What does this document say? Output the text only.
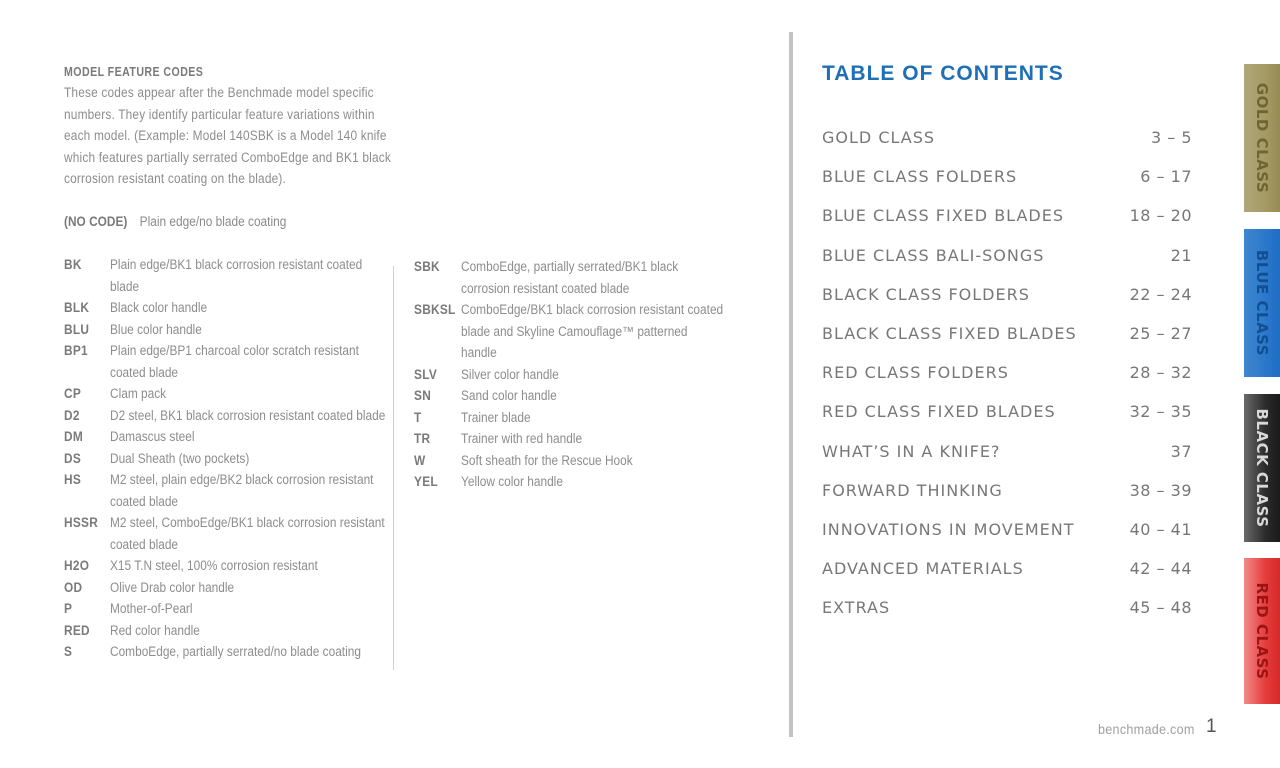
MODEL FEATURE CODES

These codes appear after the Benchmade model specific numbers. They identify particular feature variations within each model. (Example: Model 140SBK is a Model 140 knife which features partially serrated ComboEdge and BK1 black corrosion resistant coating on the blade).

(NO CODE) Plain edge/no blade coating
BK Plain edge/BK1 black corrosion resistant coated blade
BLK Black color handle
BLU Blue color handle
BP1 Plain edge/BP1 charcoal color scratch resistant coated blade
CP Clam pack
D2 D2 steel, BK1 black corrosion resistant coated blade
DM Damascus steel
DS Dual Sheath (two pockets)
HS M2 steel, plain edge/BK2 black corrosion resistant coated blade
HSSR M2 steel, ComboEdge/BK1 black corrosion resistant coated blade
H2O X15 T.N steel, 100% corrosion resistant
OD Olive Drab color handle
P	Mother-of-Pearl
RED Red color handle
S	ComboEdge, partially serrated/no blade coating
SBK ComboEdge, partially serrated/BK1 black corrosion resistant coated blade
SBKSL ComboEdge/BK1 black corrosion resistant coated blade and Skyline Camouflage™ patterned handle
SLV Silver color handle
SN Sand color handle
T	Trainer blade
TR Trainer with red handle
W	Soft sheath for the Rescue Hook
YEL Yellow color handle
TABLE OF CONTENTS
GOLD CLASS	3 – 5
BLUE CLASS FOLDERS	6 – 17
BLUE CLASS FIXED BLADES	18 – 20
BLUE CLASS BALI-SONGS	21
BLACK CLASS FOLDERS	22 – 24
BLACK CLASS FIXED BLADES	25 – 27
RED CLASS FOLDERS	28 – 32
RED CLASS FIXED BLADES	32 – 35
WHAT’S IN A KNIFE?	37
FORWARD THINKING	38 – 39
INNOVATIONS IN MOVEMENT	40 – 41
ADVANCED MATERIALS	42 – 44
EXTRAS	45 – 48
GOLD CLASS
BLUE CLASS
BLACK CLASS
RED CLASS
benchmade.com 1
